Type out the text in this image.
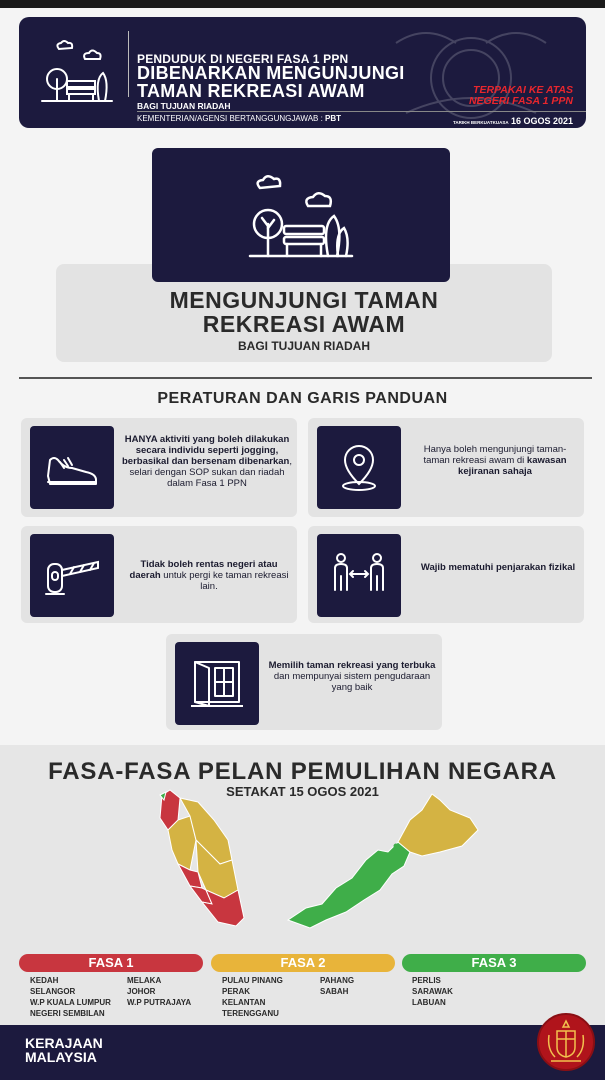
PENDUDUK DI NEGERI FASA 1 PPN
DIBENARKAN MENGUNJUNGI
TAMAN REKREASI AWAM
BAGI TUJUAN RIADAH
KEMENTERIAN/AGENSI BERTANGGUNGJAWAB : PBT
TERPAKAI KE ATAS
NEGERI FASA 1 PPN
TARIKH BERKUATKUASA 16 OGOS 2021
MENGUNJUNGI TAMAN
REKREASI AWAM
BAGI TUJUAN RIADAH
PERATURAN DAN GARIS PANDUAN
HANYA aktiviti yang boleh dilakukan secara individu seperti jogging, berbasikal dan bersenam dibenarkan, selari dengan SOP sukan dan riadah dalam Fasa 1 PPN
Hanya boleh mengunjungi taman-taman rekreasi awam di kawasan kejiranan sahaja
Tidak boleh rentas negeri atau daerah untuk pergi ke taman rekreasi lain.
Wajib mematuhi penjarakan fizikal
Memilih taman rekreasi yang terbuka dan mempunyai sistem pengudaraan yang baik
FASA-FASA PELAN PEMULIHAN NEGARA
SETAKAT 15 OGOS 2021
FASA 1
KEDAH
SELANGOR
W.P KUALA LUMPUR
NEGERI SEMBILAN
MELAKA
JOHOR
W.P PUTRAJAYA
FASA 2
PULAU PINANG
PERAK
KELANTAN
TERENGGANU
PAHANG
SABAH
FASA 3
PERLIS
SARAWAK
LABUAN
KERAJAAN
MALAYSIA
